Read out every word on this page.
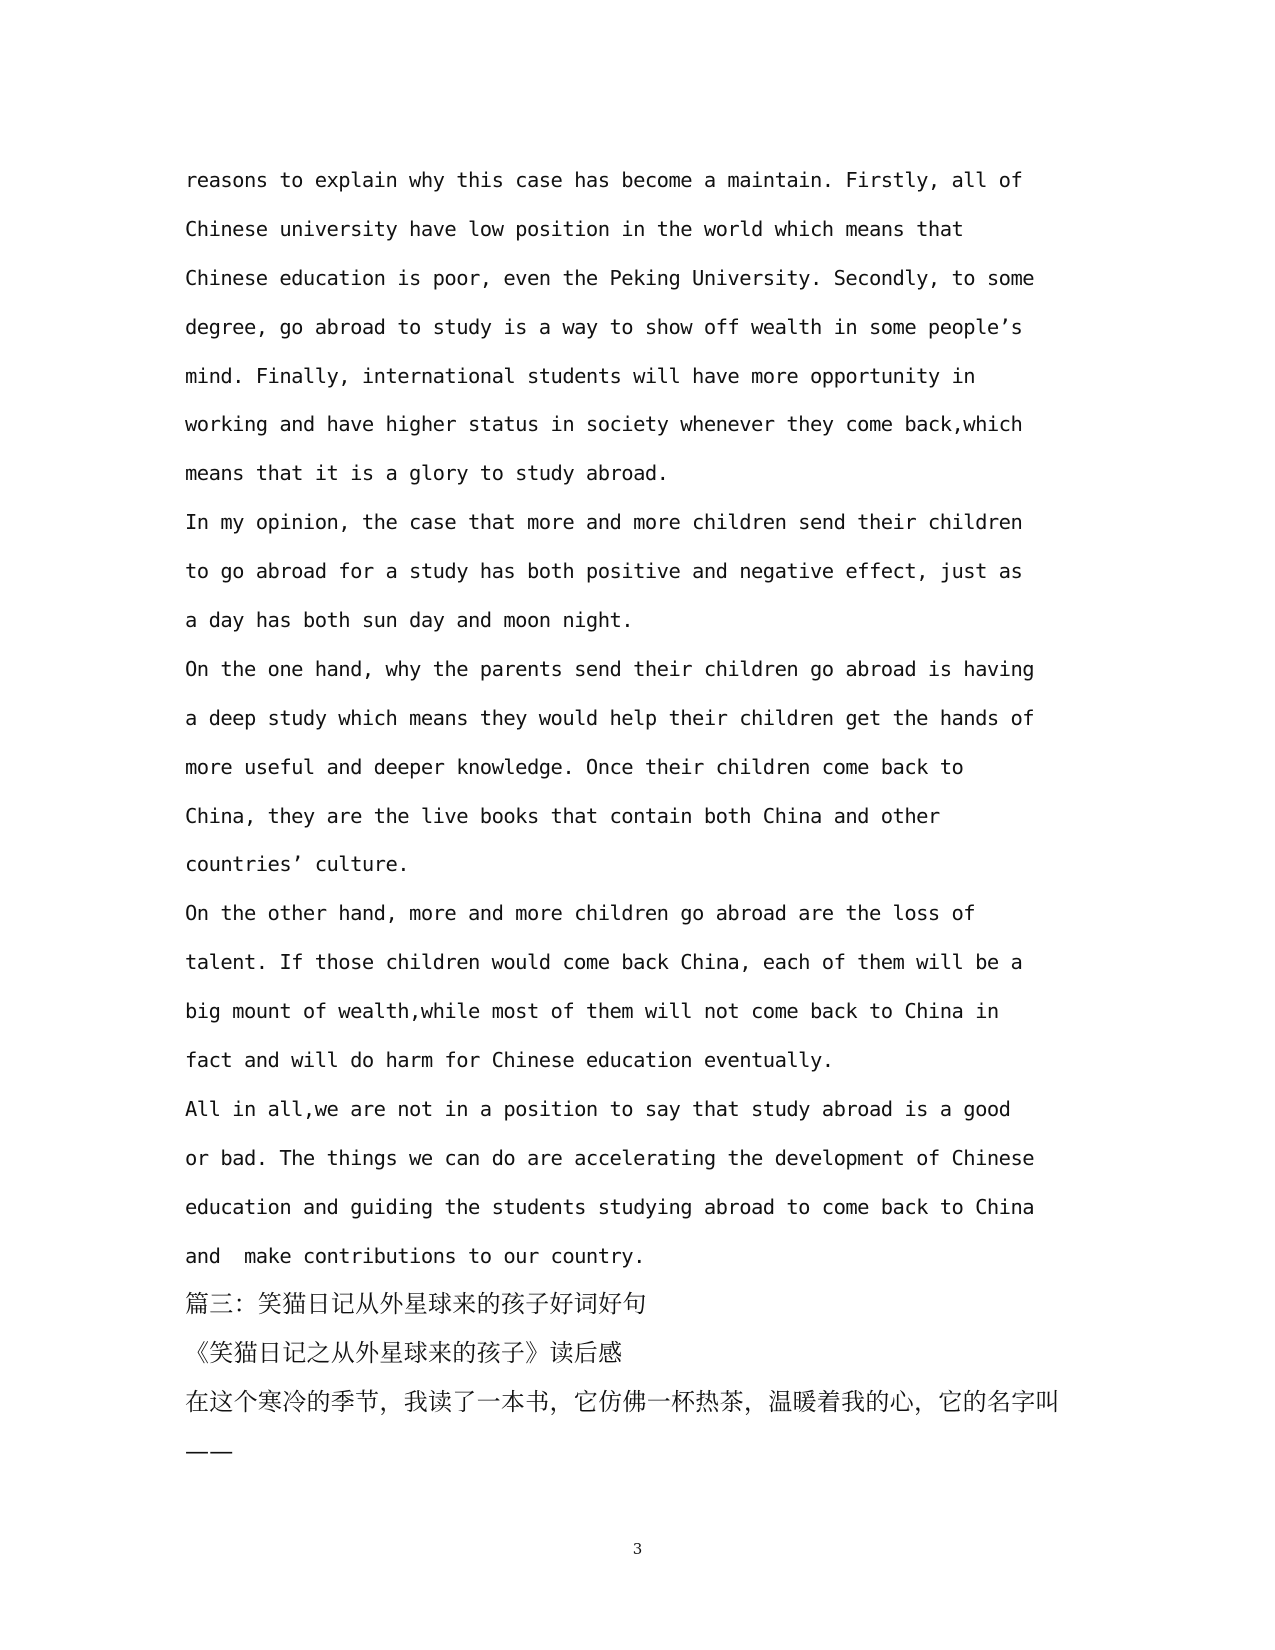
reasons to explain why this case has become a maintain. Firstly, all of
Chinese university have low position in the world which means that
Chinese education is poor, even the Peking University. Secondly, to some
degree, go abroad to study is a way to show off wealth in some people’s
mind. Finally, international students will have more opportunity in
working and have higher status in society whenever they come back,which
means that it is a glory to study abroad.
In my opinion, the case that more and more children send their children
to go abroad for a study has both positive and negative effect, just as
a day has both sun day and moon night.
On the one hand, why the parents send their children go abroad is having
a deep study which means they would help their children get the hands of
more useful and deeper knowledge. Once their children come back to
China, they are the live books that contain both China and other
countries’ culture.
On the other hand, more and more children go abroad are the loss of
talent. If those children would come back China, each of them will be a
big mount of wealth,while most of them will not come back to China in
fact and will do harm for Chinese education eventually.
All in all,we are not in a position to say that study abroad is a good
or bad. The things we can do are accelerating the development of Chinese
education and guiding the students studying abroad to come back to China
and  make contributions to our country.
篇三：笑猫日记从外星球来的孩子好词好句
《笑猫日记之从外星球来的孩子》读后感
在这个寒冷的季节，我读了一本书，它仿佛一杯热茶，温暖着我的心，它的名字叫
——
3
